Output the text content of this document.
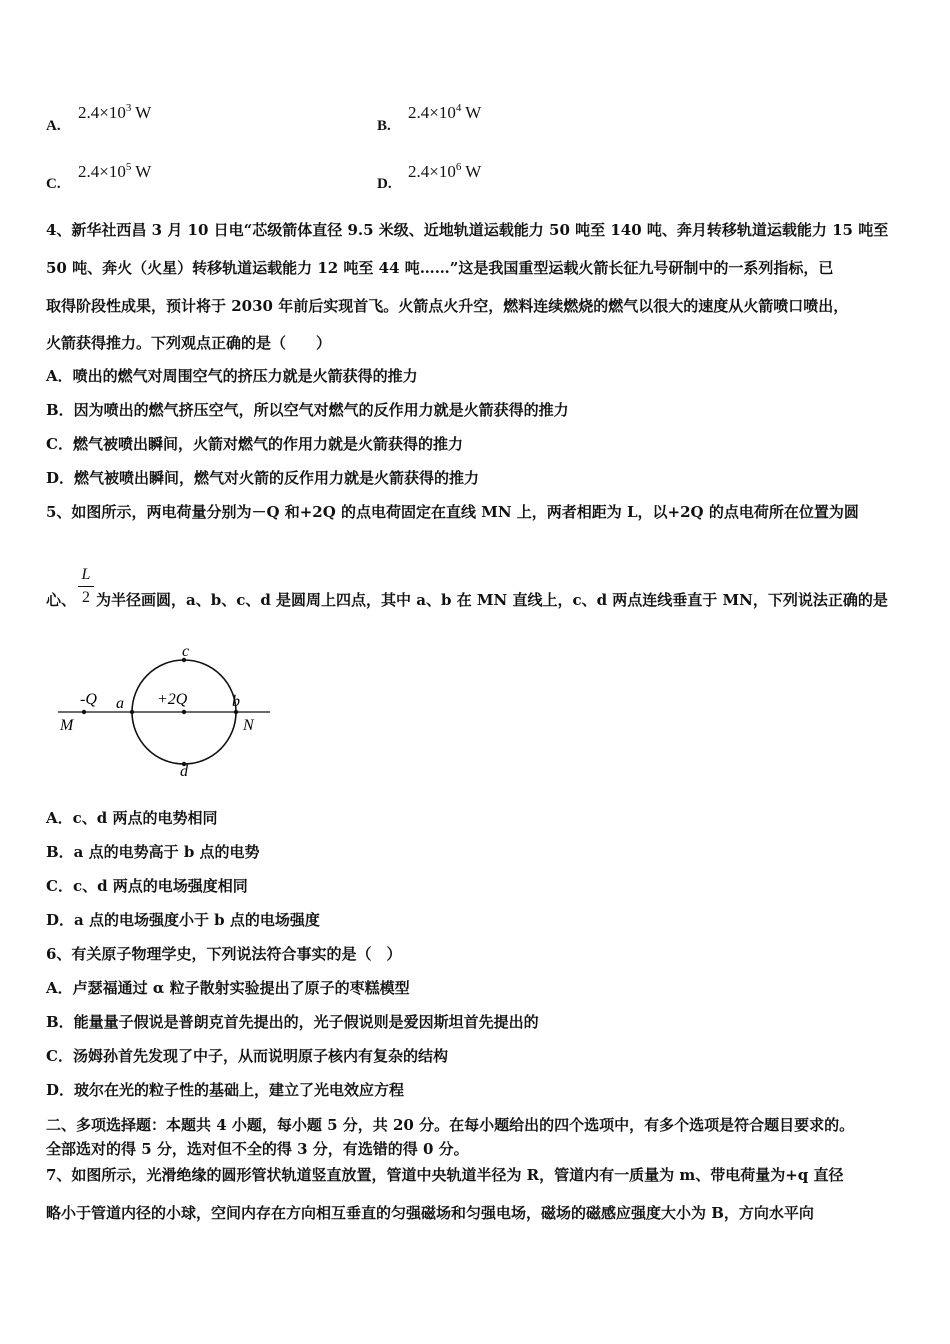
A.
$2.4\times 10^3$ W
B.
$2.4\times 10^4$ W
C.
$2.4\times 10^5$ W
D.
$2.4\times 10^6$ W
4、新华社西昌 3 月 10 日电“芯级箭体直径 9.5 米级、近地轨道运载能力 50 吨至 140 吨、奔月转移轨道运载能力 15 吨至
50 吨、奔火（火星）转移轨道运载能力 12 吨至 44 吨……”这是我国重型运载火箭长征九号研制中的一系列指标，已
取得阶段性成果，预计将于 2030 年前后实现首飞。火箭点火升空，燃料连续燃烧的燃气以很大的速度从火箭喷口喷出，
火箭获得推力。下列观点正确的是（　　）
A．喷出的燃气对周围空气的挤压力就是火箭获得的推力
B．因为喷出的燃气挤压空气，所以空气对燃气的反作用力就是火箭获得的推力
C．燃气被喷出瞬间，火箭对燃气的作用力就是火箭获得的推力
D．燃气被喷出瞬间，燃气对火箭的反作用力就是火箭获得的推力
5、如图所示，两电荷量分别为－Q 和+2Q 的点电荷固定在直线 MN 上，两者相距为 L，以+2Q 的点电荷所在位置为圆
心、
L
2 为半径画圆，a、b、c、d 是圆周上四点，其中 a、b 在 MN 直线上，c、d 两点连线垂直于 MN，下列说法正确的是
-Q	+2Q
a	b
c
d
M	N
A．c、d 两点的电势相同
B．a 点的电势高于 b 点的电势
C．c、d 两点的电场强度相同
D．a 点的电场强度小于 b 点的电场强度
6、有关原子物理学史，下列说法符合事实的是（　）
A．卢瑟福通过 α 粒子散射实验提出了原子的枣糕模型
B．能量量子假说是普朗克首先提出的，光子假说则是爱因斯坦首先提出的
C．汤姆孙首先发现了中子，从而说明原子核内有复杂的结构
D．玻尔在光的粒子性的基础上，建立了光电效应方程
二、多项选择题：本题共 4 小题，每小题 5 分，共 20 分。在每小题给出的四个选项中，有多个选项是符合题目要求的。
全部选对的得 5 分，选对但不全的得 3 分，有选错的得 0 分。
7、如图所示，光滑绝缘的圆形管状轨道竖直放置，管道中央轨道半径为 R，管道内有一质量为 m、带电荷量为+q 直径
略小于管道内径的小球，空间内存在方向相互垂直的匀强磁场和匀强电场，磁场的磁感应强度大小为 B，方向水平向
